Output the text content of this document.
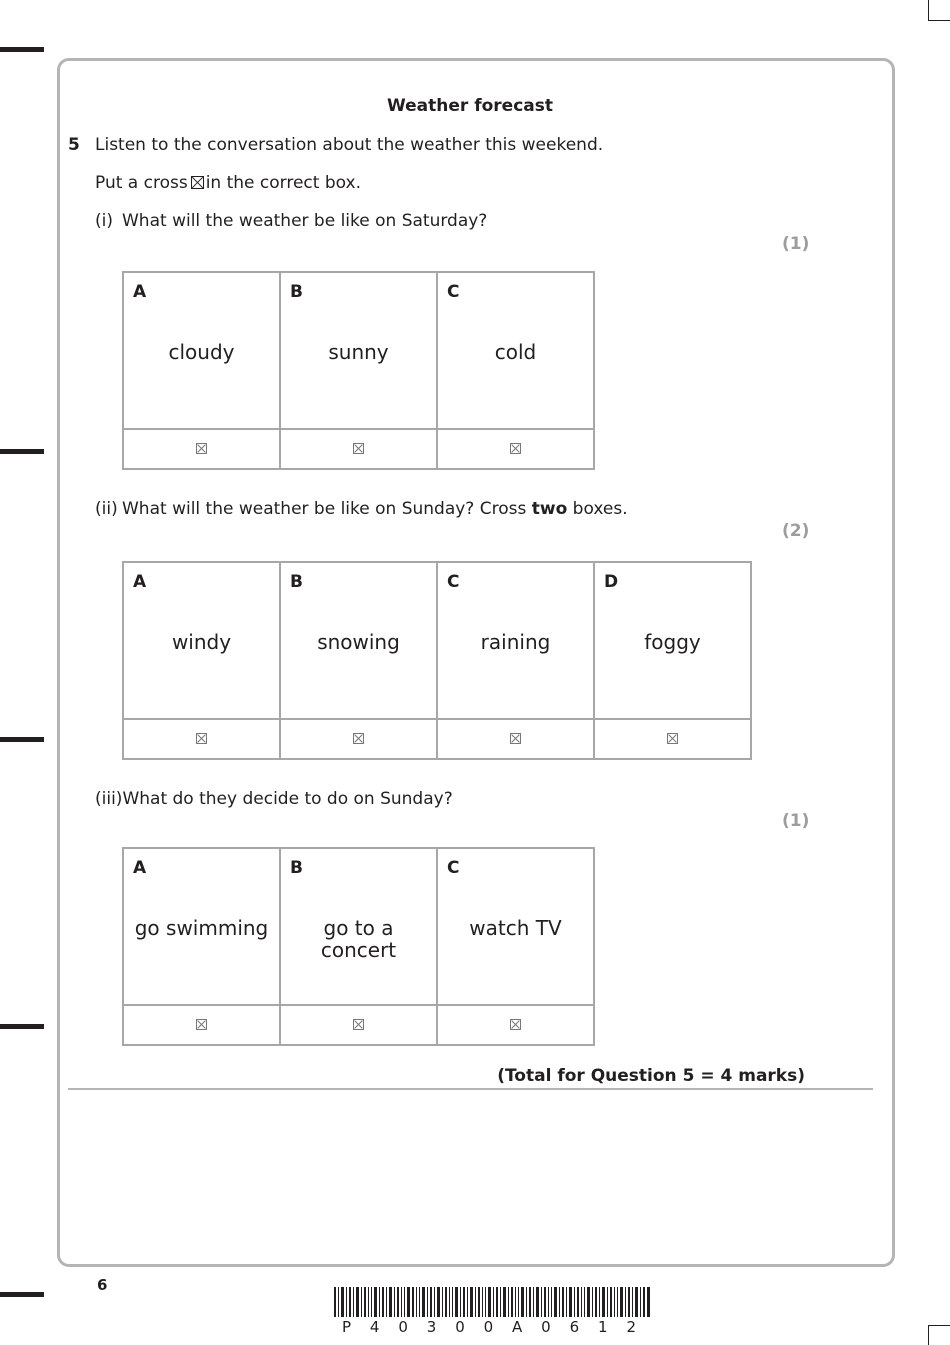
Weather forecast
5 Listen to the conversation about the weather this weekend.
Put a cross ☒ in the correct box.
(i) What will the weather be like on Saturday?
(1)
A
cloudy	B
sunny	C
cold

(ii) What will the weather be like on Sunday? Cross two boxes.
(2)
A
windy	B
snowing	C
raining	D
foggy

(iii)What do they decide to do on Sunday?
(1)
A
go swimming	B
go to a concert	C
watch TV

(Total for Question 5 = 4 marks)
6
P 4 0 3 0 0 A 0 6 1 2
